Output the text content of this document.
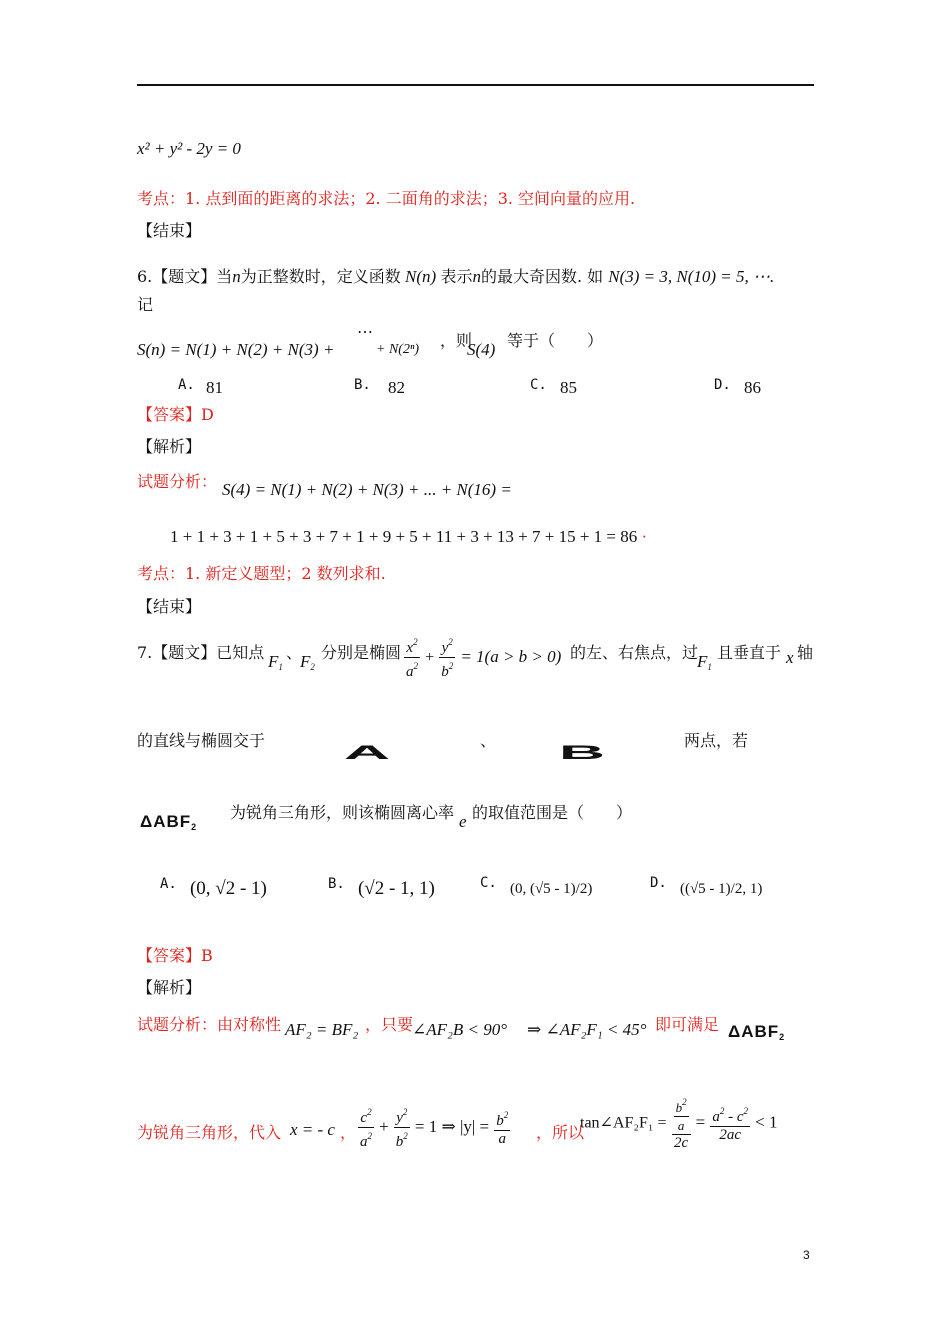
x² + y² - 2y = 0
考点：1. 点到面的距离的求法；2. 二面角的求法；3. 空间向量的应用.
【结束】
6.【题文】当n为正整数时，定义函数 N(n) 表示n的最大奇因数. 如 N(3) = 3, N(10) = 5, ⋯.
记
S(n) = N(1) + N(2) + N(3) +
⋯
+ N(2ⁿ) ，则
S(4) 等于（　　）
A. 81	B. 82	C. 85	D. 86
【答案】D
【解析】
试题分析： S(4) = N(1) + N(2) + N(3) + ... + N(16) =
1 + 1 + 3 + 1 + 5 + 3 + 7 + 1 + 9 + 5 + 11 + 3 + 13 + 7 + 15 + 1 = 86 ·
考点：1. 新定义题型；2 数列求和.
【结束】
7.【题文】已知点 $F_1$
、
$F_2$
分别是椭圆 $\frac{x^2}{a^2} + \frac{y^2}{b^2} = 1(a > b > 0)$ 的左、右焦点，过
$F_1$
且垂直于 x 轴
的直线与椭圆交于
A
、
B
两点，若
$\Delta ABF_2$
为锐角三角形，则该椭圆离心率 e 的取值范围是（　　）
A. (0, √2 - 1)	B. (√2 - 1, 1)	C. (0, (√5 - 1)/2)	D. ((√5 - 1)/2, 1)
【答案】B
【解析】
试题分析：由对称性 AF₂ = BF₂ ，只要
∠AF₂B < 90° ⇒ ∠AF₂F₁ < 45° 即可满足 $\Delta ABF_2$
为锐角三角形，代入 x = - c ， $\frac{c^2}{a^2} + \frac{y^2}{b^2} = 1$ ⇒ $|y| = \frac{b^2}{a}$ ，所以
tan∠AF₂F₁ = $\frac{\frac{b^2}{a}}{2c} = \frac{a^2 - c^2}{2ac} < 1$
3
